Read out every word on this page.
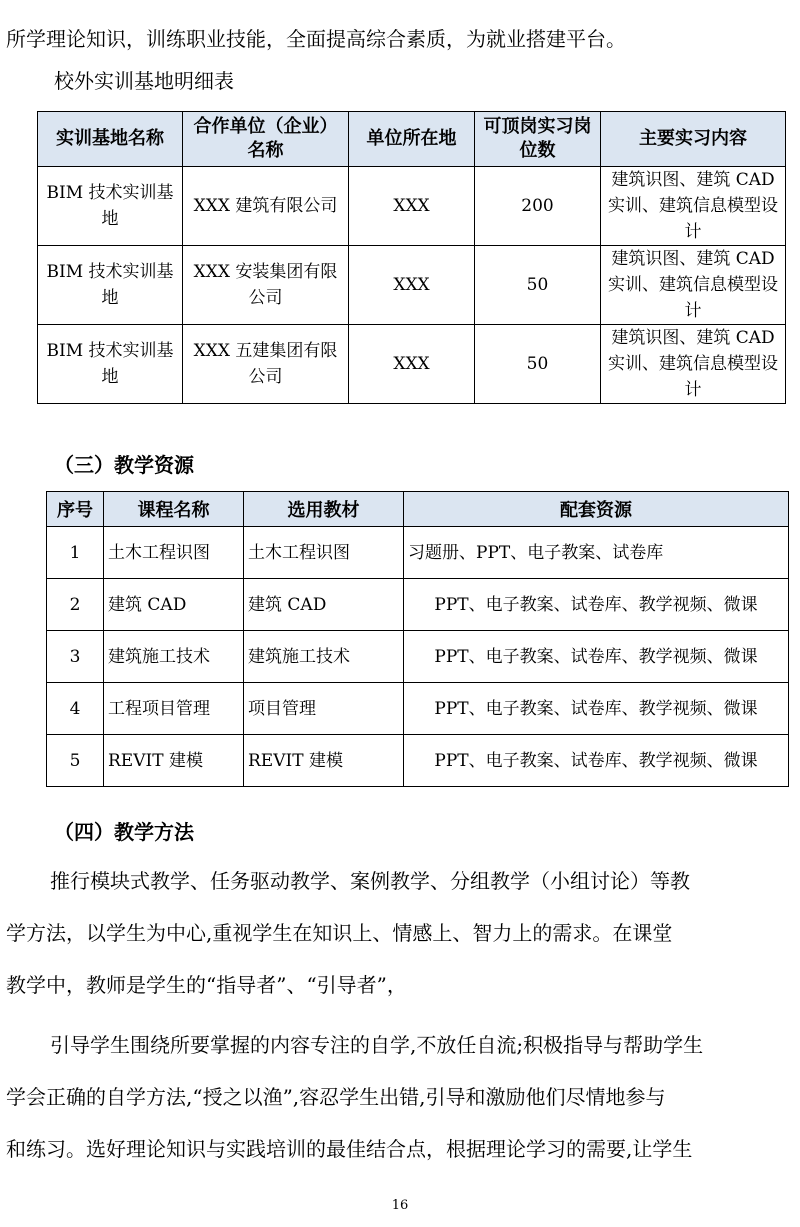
所学理论知识，训练职业技能，全面提高综合素质，为就业搭建平台。
校外实训基地明细表
实训基地名称	合作单位（企业）名称	单位所在地	可顶岗实习岗位数	主要实习内容
BIM 技术实训基地	XXX 建筑有限公司	XXX	200	建筑识图、建筑 CAD 实训、建筑信息模型设计
BIM 技术实训基地	XXX 安装集团有限公司	XXX	50	建筑识图、建筑 CAD 实训、建筑信息模型设计
BIM 技术实训基地	XXX 五建集团有限公司	XXX	50	建筑识图、建筑 CAD 实训、建筑信息模型设计
（三）教学资源
序号	课程名称	选用教材	配套资源
1	土木工程识图	土木工程识图	习题册、PPT、电子教案、试卷库
2	建筑 CAD	建筑 CAD	PPT、电子教案、试卷库、教学视频、微课
3	建筑施工技术	建筑施工技术	PPT、电子教案、试卷库、教学视频、微课
4	工程项目管理	项目管理	PPT、电子教案、试卷库、教学视频、微课
5	REVIT 建模	REVIT 建模	PPT、电子教案、试卷库、教学视频、微课
（四）教学方法
推行模块式教学、任务驱动教学、案例教学、分组教学（小组讨论）等教
学方法，以学生为中心,重视学生在知识上、情感上、智力上的需求。在课堂
教学中，教师是学生的“指导者”、“引导者”，
引导学生围绕所要掌握的内容专注的自学,不放任自流;积极指导与帮助学生
学会正确的自学方法,“授之以渔”,容忍学生出错,引导和激励他们尽情地参与
和练习。选好理论知识与实践培训的最佳结合点，根据理论学习的需要,让学生
16
